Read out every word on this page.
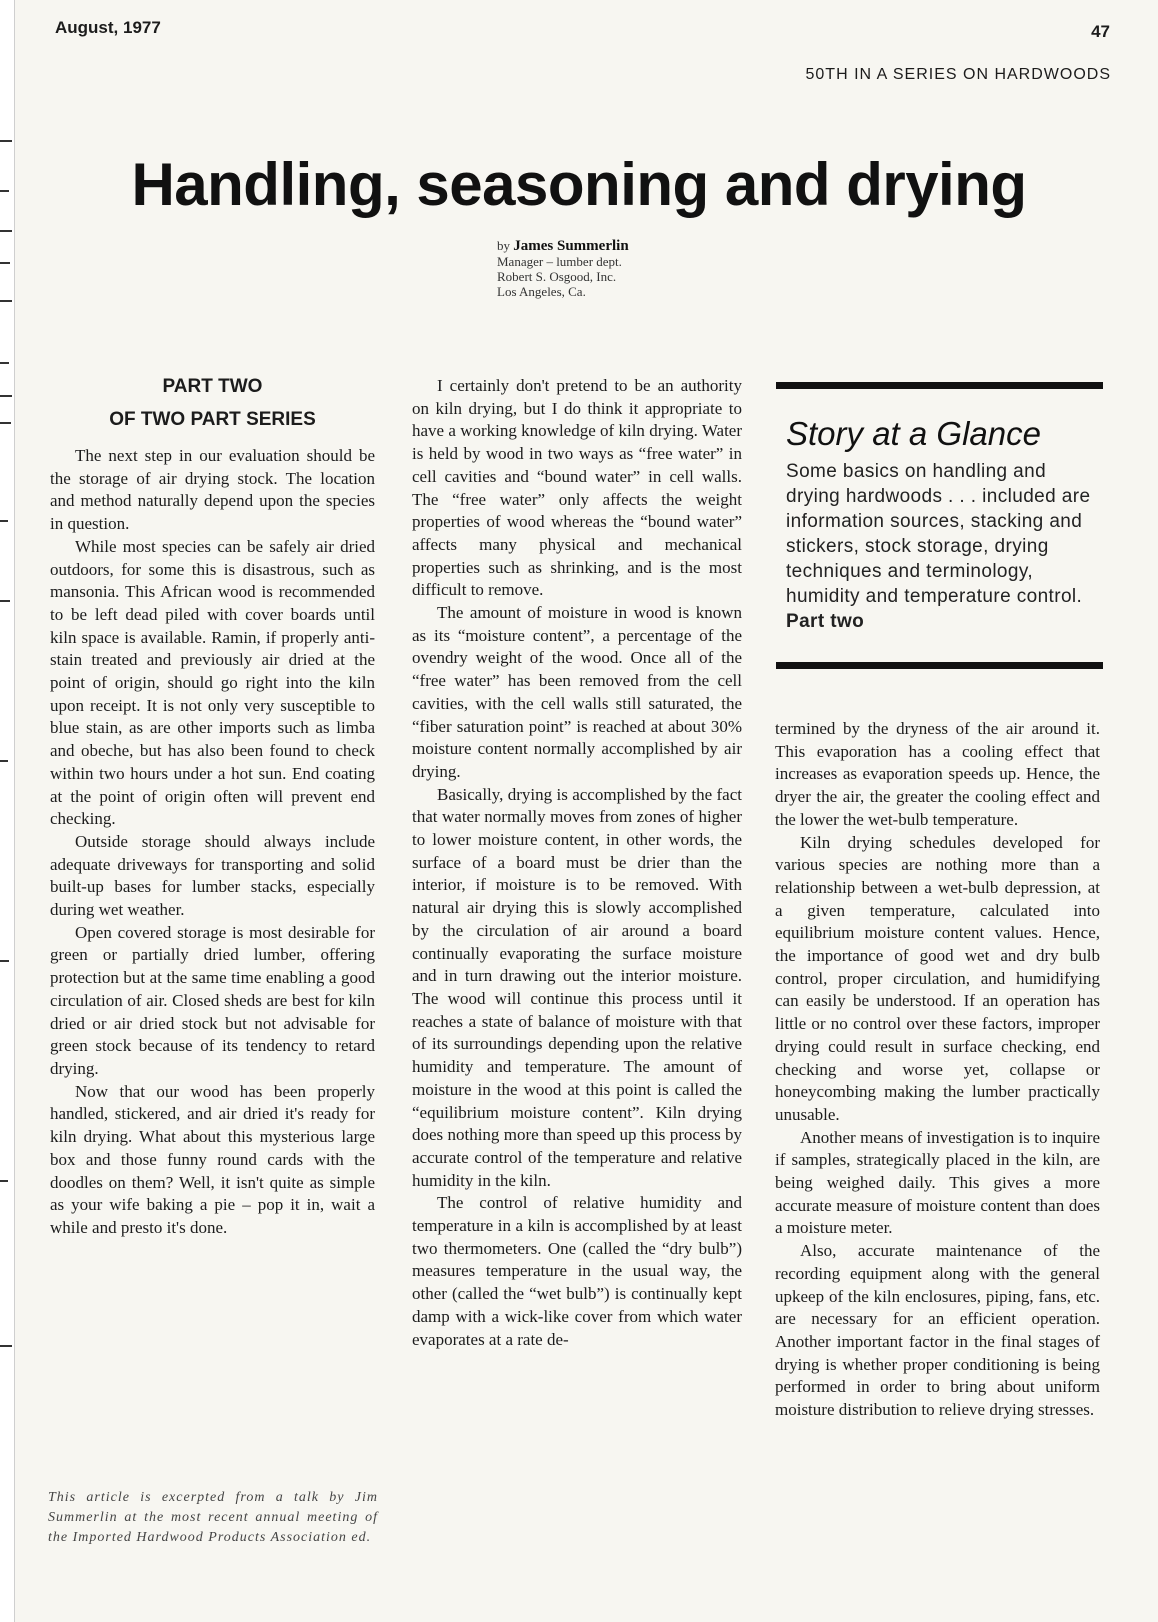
August, 1977	47
50TH IN A SERIES ON HARDWOODS
Handling, seasoning and drying
by James Summerlin
Manager – lumber dept.
Robert S. Osgood, Inc.
Los Angeles, Ca.
PART TWO
OF TWO PART SERIES

The next step in our evaluation should be the storage of air drying stock. The location and method naturally depend upon the species in question.

While most species can be safely air dried outdoors, for some this is disastrous, such as mansonia. This African wood is recommended to be left dead piled with cover boards until kiln space is available. Ramin, if properly anti-stain treated and previously air dried at the point of origin, should go right into the kiln upon receipt. It is not only very susceptible to blue stain, as are other imports such as limba and obeche, but has also been found to check within two hours under a hot sun. End coating at the point of origin often will prevent end checking.

Outside storage should always include adequate driveways for transporting and solid built-up bases for lumber stacks, especially during wet weather.

Open covered storage is most desirable for green or partially dried lumber, offering protection but at the same time enabling a good circulation of air. Closed sheds are best for kiln dried or air dried stock but not advisable for green stock because of its tendency to retard drying.

Now that our wood has been properly handled, stickered, and air dried it's ready for kiln drying. What about this mysterious large box and those funny round cards with the doodles on them? Well, it isn't quite as simple as your wife baking a pie – pop it in, wait a while and presto it's done.

This article is excerpted from a talk by Jim Summerlin at the most recent annual meeting of the Imported Hardwood Products Association ed.

I certainly don't pretend to be an authority on kiln drying, but I do think it appropriate to have a working knowledge of kiln drying. Water is held by wood in two ways as “free water” in cell cavities and “bound water” in cell walls. The “free water” only affects the weight properties of wood whereas the “bound water” affects many physical and mechanical properties such as shrinking, and is the most difficult to remove.

The amount of moisture in wood is known as its “moisture content”, a percentage of the ovendry weight of the wood. Once all of the “free water” has been removed from the cell cavities, with the cell walls still saturated, the “fiber saturation point” is reached at about 30% moisture content normally accomplished by air drying.

Basically, drying is accomplished by the fact that water normally moves from zones of higher to lower moisture content, in other words, the surface of a board must be drier than the interior, if moisture is to be removed. With natural air drying this is slowly accomplished by the circulation of air around a board continually evaporating the surface moisture and in turn drawing out the interior moisture. The wood will continue this process until it reaches a state of balance of moisture with that of its surroundings depending upon the relative humidity and temperature. The amount of moisture in the wood at this point is called the “equilibrium moisture content”. Kiln drying does nothing more than speed up this process by accurate control of the temperature and relative humidity in the kiln.

The control of relative humidity and temperature in a kiln is accomplished by at least two thermometers. One (called the “dry bulb”) measures temperature in the usual way, the other (called the “wet bulb”) is continually kept damp with a wick-like cover from which water evaporates at a rate de-

Story at a Glance

Some basics on handling and drying hardwoods . . . included are information sources, stacking and stickers, stock storage, drying techniques and terminology, humidity and temperature control. Part two

termined by the dryness of the air around it. This evaporation has a cooling effect that increases as evaporation speeds up. Hence, the dryer the air, the greater the cooling effect and the lower the wet-bulb temperature.

Kiln drying schedules developed for various species are nothing more than a relationship between a wet-bulb depression, at a given temperature, calculated into equilibrium moisture content values. Hence, the importance of good wet and dry bulb control, proper circulation, and humidifying can easily be understood. If an operation has little or no control over these factors, improper drying could result in surface checking, end checking and worse yet, collapse or honeycombing making the lumber practically unusable.

Another means of investigation is to inquire if samples, strategically placed in the kiln, are being weighed daily. This gives a more accurate measure of moisture content than does a moisture meter.

Also, accurate maintenance of the recording equipment along with the general upkeep of the kiln enclosures, piping, fans, etc. are necessary for an efficient operation. Another important factor in the final stages of drying is whether proper conditioning is being performed in order to bring about uniform moisture distribution to relieve drying stresses.
